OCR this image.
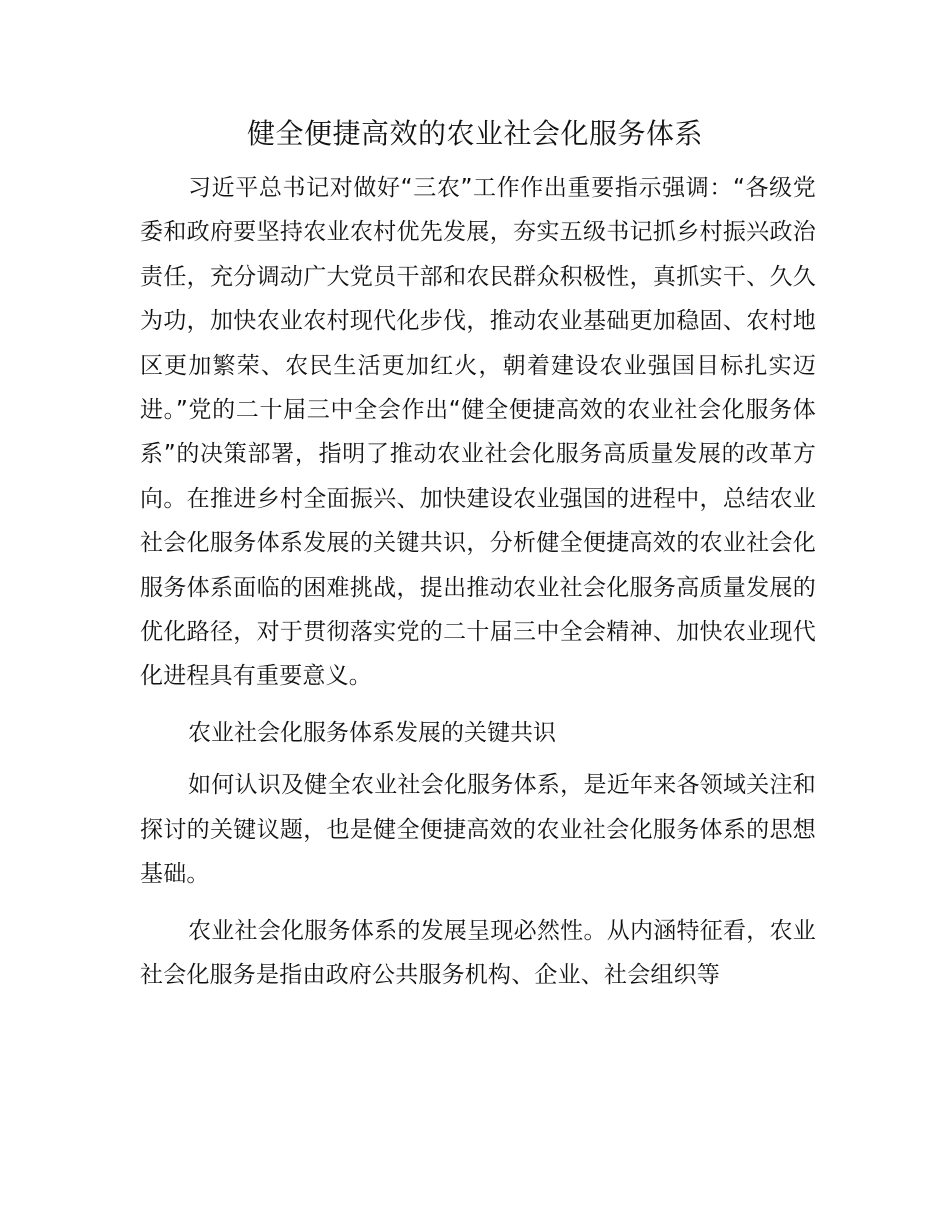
健全便捷高效的农业社会化服务体系

习近平总书记对做好“三农”工作作出重要指示强调：“各级党委和政府要坚持农业农村优先发展，夯实五级书记抓乡村振兴政治责任，充分调动广大党员干部和农民群众积极性，真抓实干、久久为功，加快农业农村现代化步伐，推动农业基础更加稳固、农村地区更加繁荣、农民生活更加红火，朝着建设农业强国目标扎实迈进。”党的二十届三中全会作出“健全便捷高效的农业社会化服务体系”的决策部署，指明了推动农业社会化服务高质量发展的改革方向。在推进乡村全面振兴、加快建设农业强国的进程中，总结农业社会化服务体系发展的关键共识，分析健全便捷高效的农业社会化服务体系面临的困难挑战，提出推动农业社会化服务高质量发展的优化路径，对于贯彻落实党的二十届三中全会精神、加快农业现代化进程具有重要意义。

农业社会化服务体系发展的关键共识

如何认识及健全农业社会化服务体系，是近年来各领域关注和探讨的关键议题，也是健全便捷高效的农业社会化服务体系的思想基础。

农业社会化服务体系的发展呈现必然性。从内涵特征看，农业社会化服务是指由政府公共服务机构、企业、社会组织等
